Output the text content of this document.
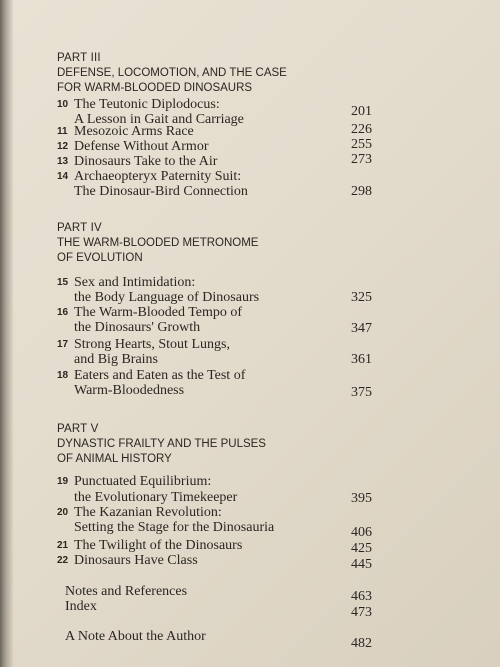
PART III
DEFENSE, LOCOMOTION, AND THE CASE
FOR WARM-BLOODED DINOSAURS
10 The Teutonic Diplodocus:
A Lesson in Gait and Carriage
201
11 Mesozoic Arms Race	226
12 Defense Without Armor	255
13 Dinosaurs Take to the Air	273
14 Archaeopteryx Paternity Suit:
The Dinosaur-Bird Connection	298
PART IV
THE WARM-BLOODED METRONOME
OF EVOLUTION
15 Sex and Intimidation:
the Body Language of Dinosaurs	325
16 The Warm-Blooded Tempo of
the Dinosaurs' Growth	347
17 Strong Hearts, Stout Lungs,
and Big Brains	361
18 Eaters and Eaten as the Test of
Warm-Bloodedness	375
PART V
DYNASTIC FRAILTY AND THE PULSES
OF ANIMAL HISTORY
19 Punctuated Equilibrium:
the Evolutionary Timekeeper	395
20 The Kazanian Revolution:
Setting the Stage for the Dinosauria	406
21 The Twilight of the Dinosaurs	425
22 Dinosaurs Have Class	445
Notes and References	463
Index	473
A Note About the Author	482
